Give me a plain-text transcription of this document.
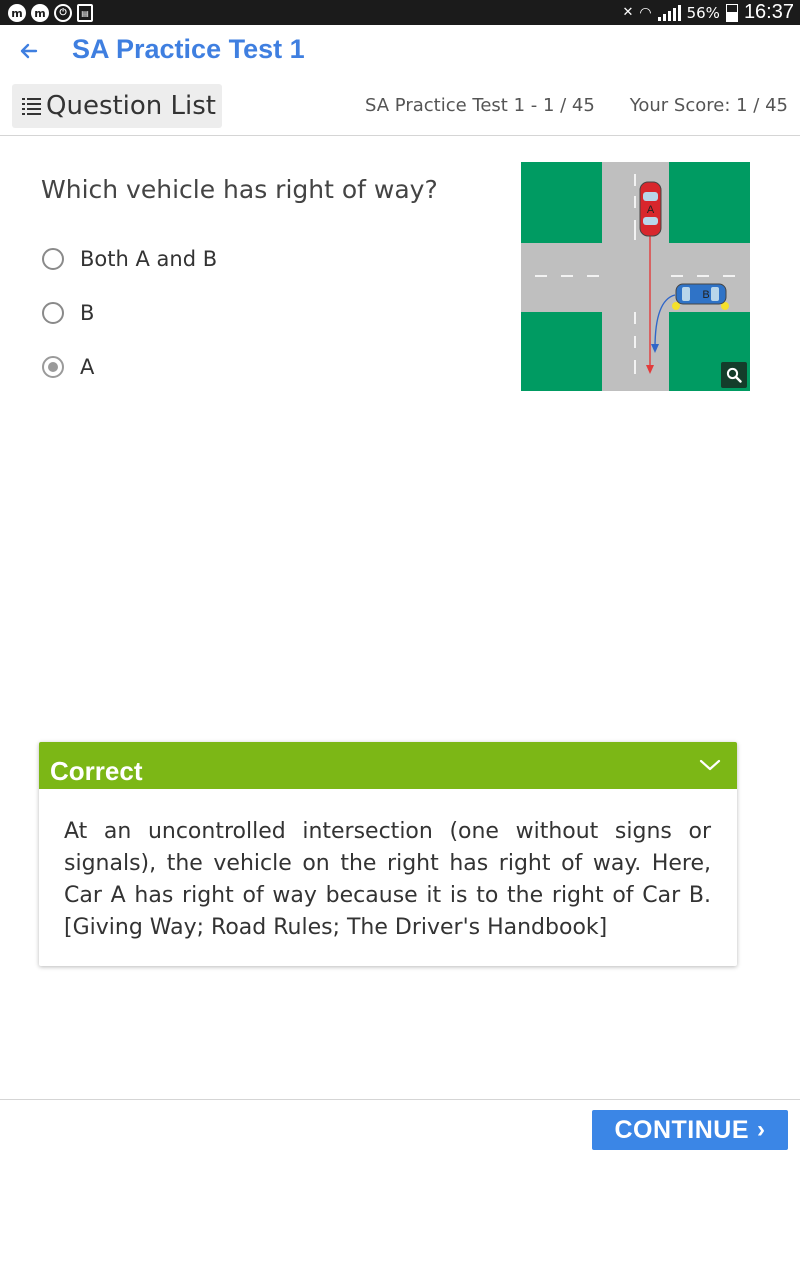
m m	⏻	▤	✕ ◠ 56% 16:37
SA Practice Test 1
Question List	SA Practice Test 1 - 1 / 45 Your Score: 1 / 45
Which vehicle has right of way?
Both A and B
B
A
A
B
Correct
At an uncontrolled intersection (one without signs or signals), the vehicle on the right has right of way. Here, Car A has right of way because it is to the right of Car B. [Giving Way; Road Rules; The Driver's Handbook]
CONTINUE ›
